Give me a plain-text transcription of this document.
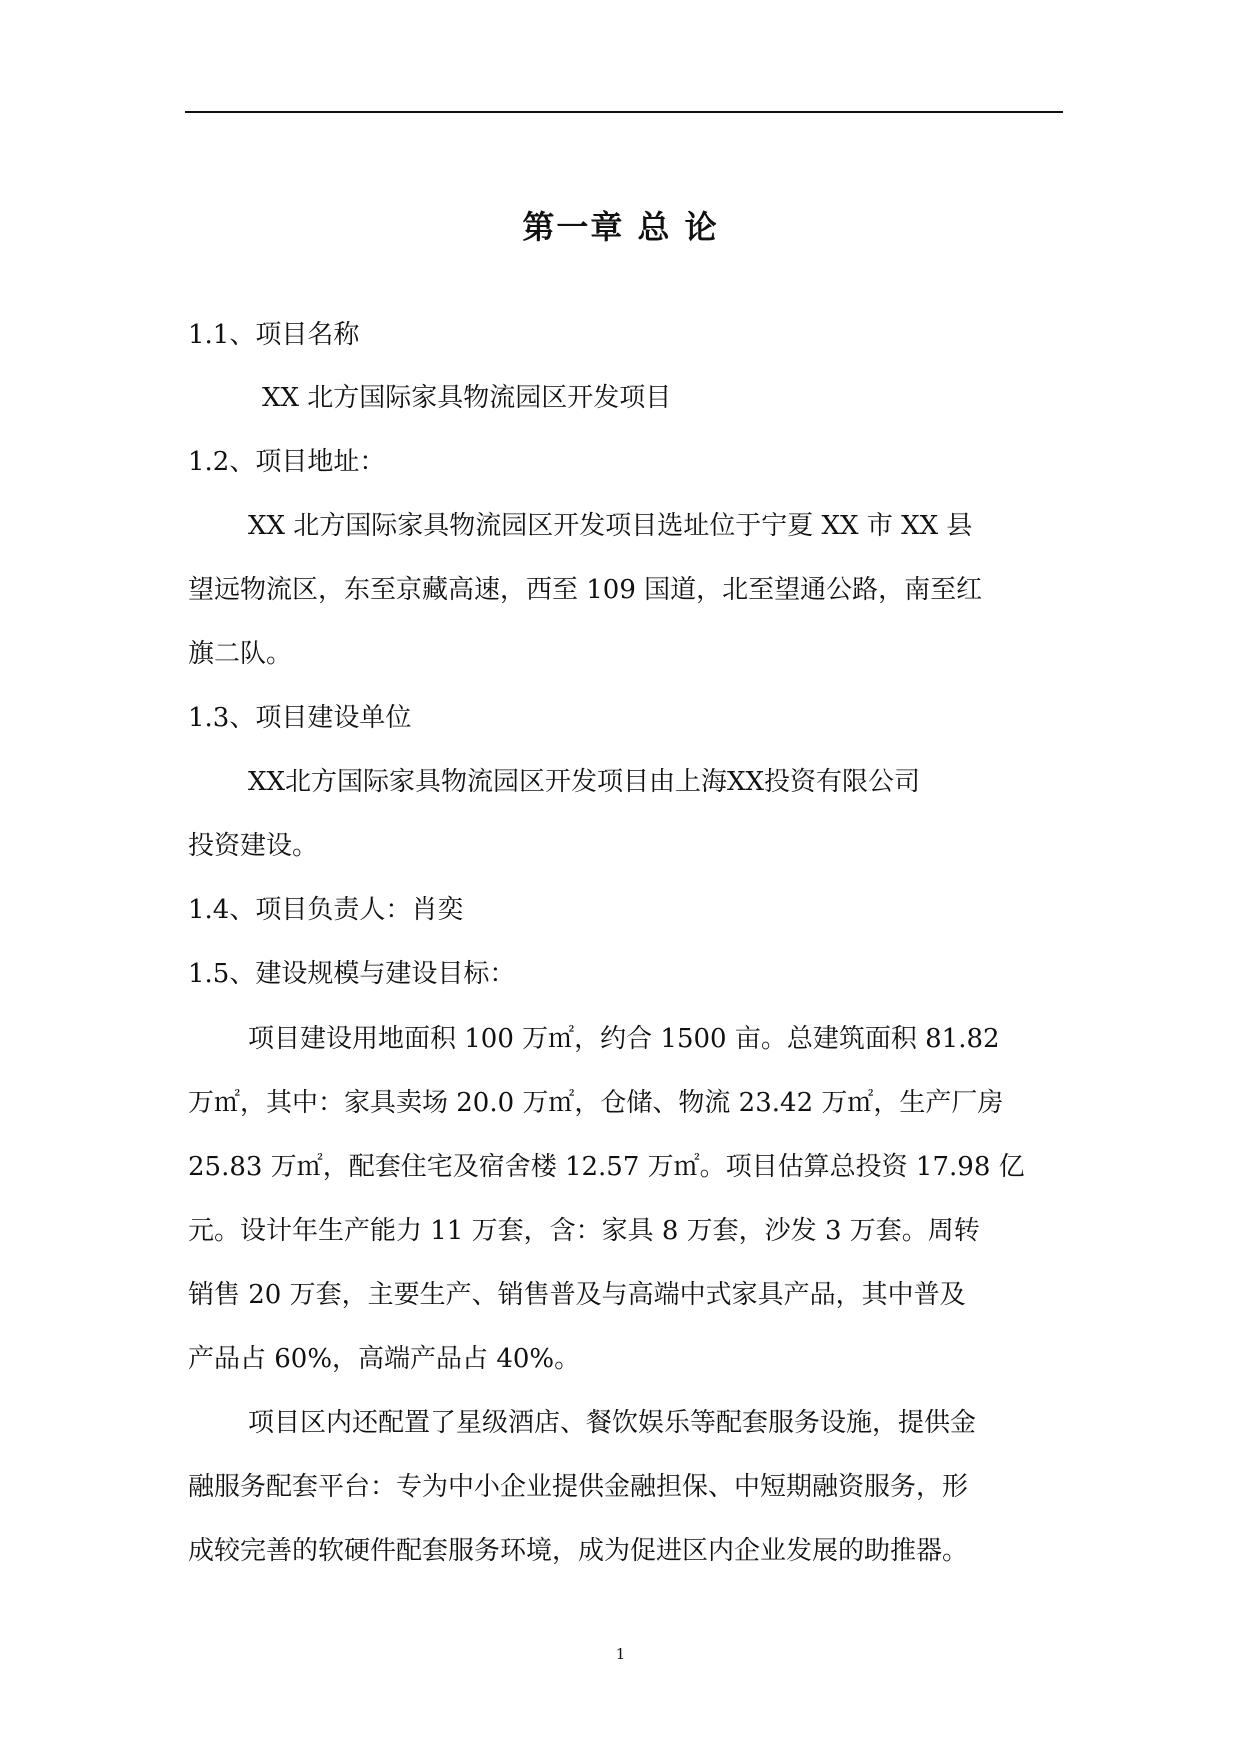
第一章 总 论
1.1、项目名称
XX 北方国际家具物流园区开发项目
1.2、项目地址：
XX 北方国际家具物流园区开发项目选址位于宁夏 XX 市 XX 县
望远物流区，东至京藏高速，西至 109 国道，北至望通公路，南至红
旗二队。
1.3、项目建设单位
XX北方国际家具物流园区开发项目由上海XX投资有限公司
投资建设。
1.4、项目负责人：肖奕
1.5、建设规模与建设目标：
项目建设用地面积 100 万㎡，约合 1500 亩。总建筑面积 81.82
万㎡，其中：家具卖场 20.0 万㎡，仓储、物流 23.42 万㎡，生产厂房
25.83 万㎡，配套住宅及宿舍楼 12.57 万㎡。项目估算总投资 17.98 亿
元。设计年生产能力 11 万套，含：家具 8 万套，沙发 3 万套。周转
销售 20 万套，主要生产、销售普及与高端中式家具产品，其中普及
产品占 60%，高端产品占 40%。
项目区内还配置了星级酒店、餐饮娱乐等配套服务设施，提供金
融服务配套平台：专为中小企业提供金融担保、中短期融资服务，形
成较完善的软硬件配套服务环境，成为促进区内企业发展的助推器。
1
